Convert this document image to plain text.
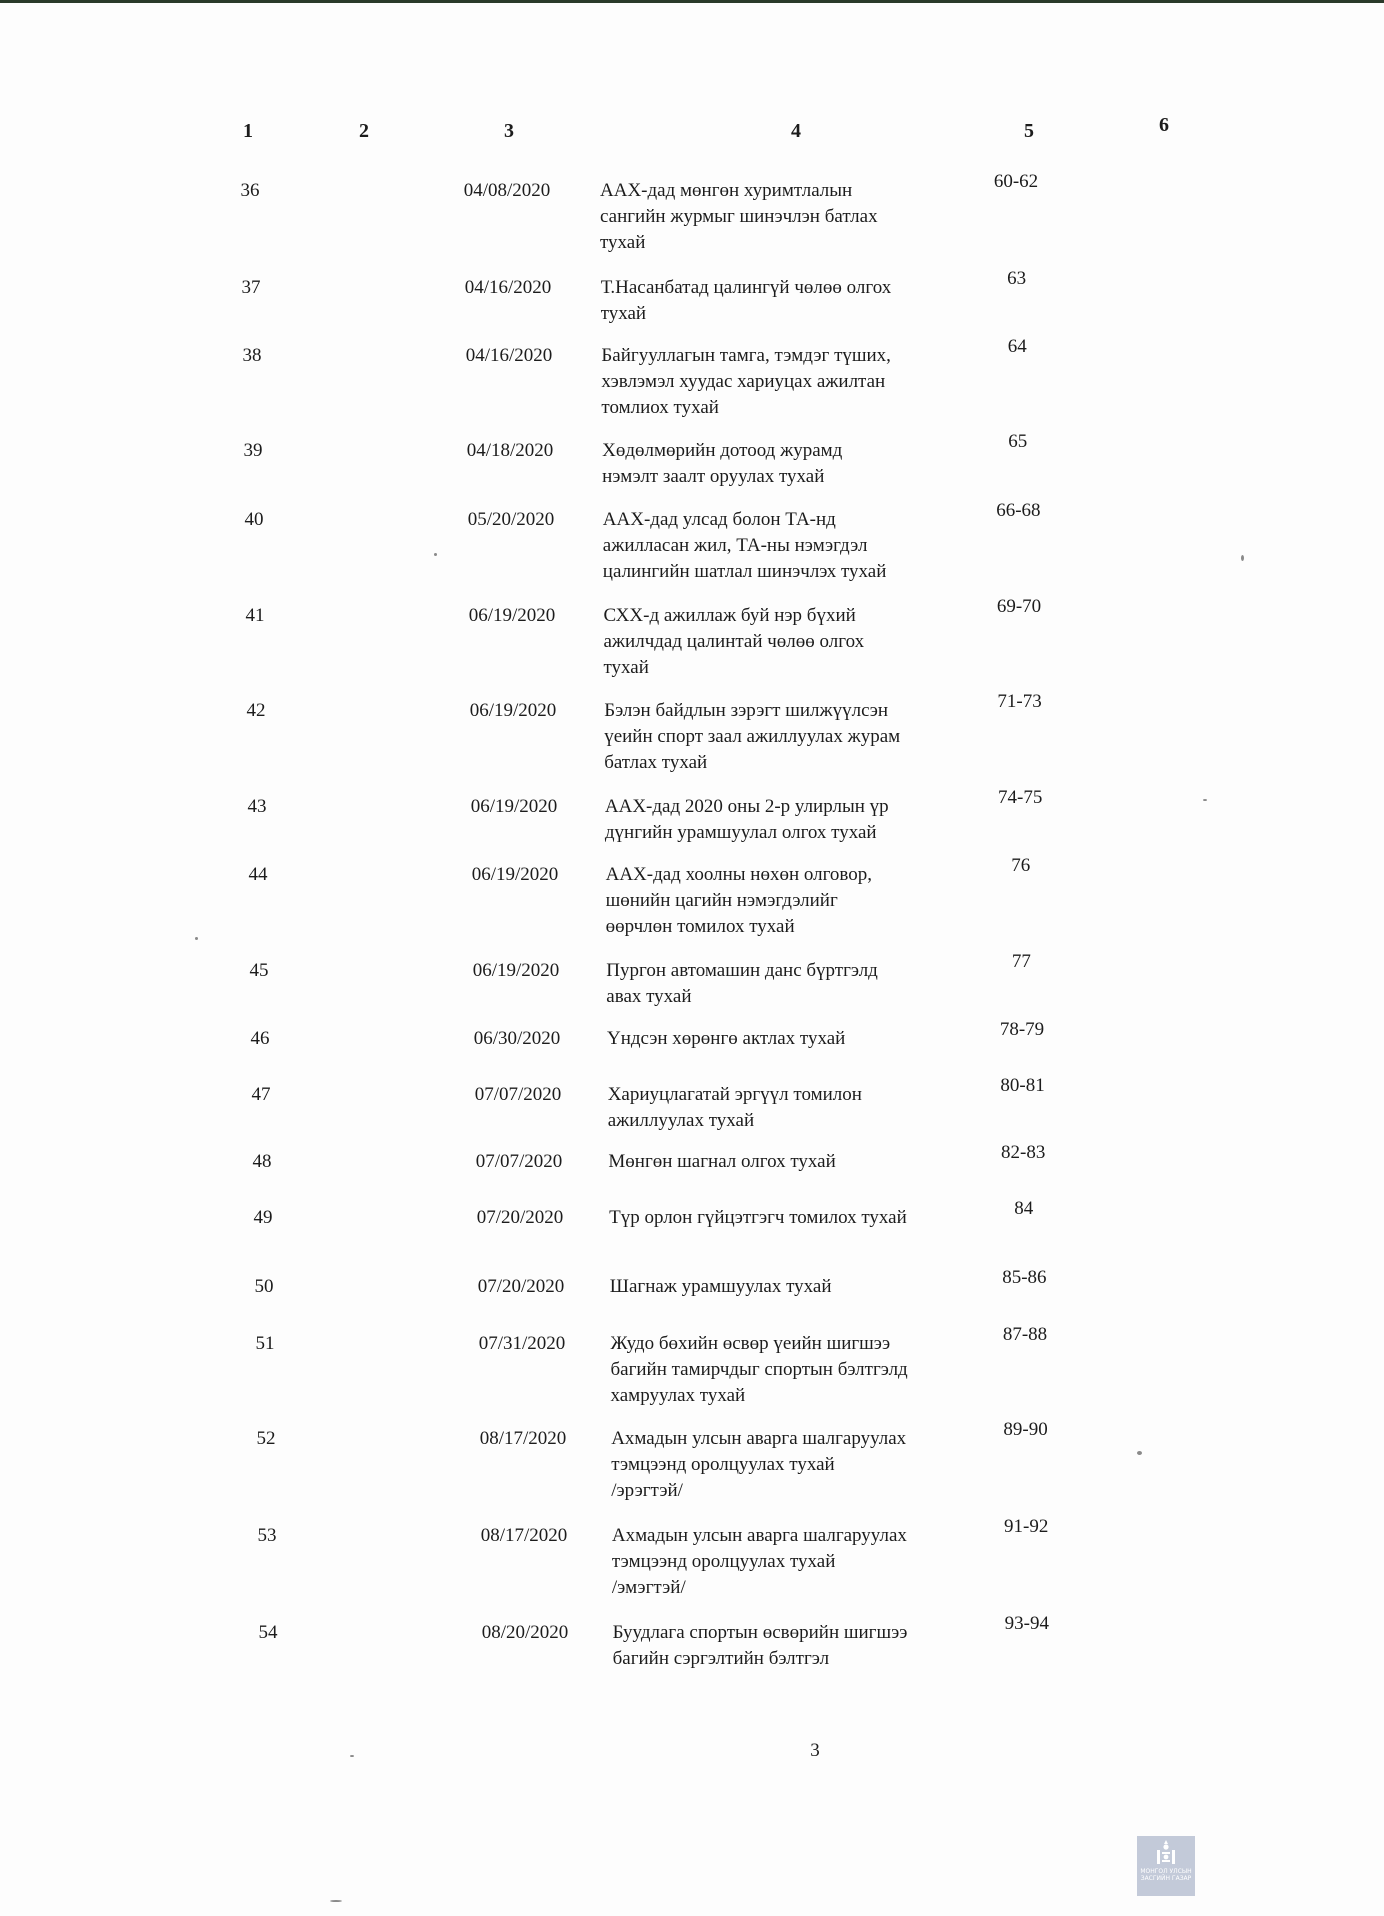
1	2	3	4	5	6
36	04/08/2020	ААХ-дад мөнгөн хуримтлалын
сангийн журмыг шинэчлэн батлах
тухай
60-62
37	04/16/2020	Т.Насанбатад цалингүй чөлөө олгох
тухай
63
38	04/16/2020	Байгууллагын тамга, тэмдэг түших,
хэвлэмэл хуудас хариуцах ажилтан
томлиох тухай
64
39	04/18/2020	Хөдөлмөрийн дотоод журамд
нэмэлт заалт оруулах тухай
65
40	05/20/2020	ААХ-дад улсад болон ТА-нд
ажилласан жил, ТА-ны нэмэгдэл
цалингийн шатлал шинэчлэх тухай
66-68
41	06/19/2020	СХХ-д ажиллаж буй нэр бүхий
ажилчдад цалинтай чөлөө олгох
тухай
69-70
42	06/19/2020	Бэлэн байдлын зэрэгт шилжүүлсэн
үеийн спорт заал ажиллуулах журам
батлах тухай
71-73
43	06/19/2020	ААХ-дад 2020 оны 2-р улирлын үр
дүнгийн урамшуулал олгох тухай
74-75
44	06/19/2020	ААХ-дад хоолны нөхөн олговор,
шөнийн цагийн нэмэгдэлийг
өөрчлөн томилох тухай
76
45	06/19/2020	Пургон автомашин данс бүртгэлд
авах тухай
77
46	06/30/2020	Үндсэн хөрөнгө актлах тухай	78-79
47	07/07/2020	Хариуцлагатай эргүүл томилон
ажиллуулах тухай
80-81
48	07/07/2020	Мөнгөн шагнал олгох тухай	82-83
49	07/20/2020	Түр орлон гүйцэтгэгч томилох тухай	84
50	07/20/2020	Шагнаж урамшуулах тухай	85-86
51	07/31/2020	Жудо бөхийн өсвөр үеийн шигшээ
багийн тамирчдыг спортын бэлтгэлд
хамруулах тухай
87-88
52	08/17/2020	Ахмадын улсын аварга шалгаруулах
тэмцээнд оролцуулах тухай
/эрэгтэй/
89-90
53	08/17/2020	Ахмадын улсын аварга шалгаруулах
тэмцээнд оролцуулах тухай
/эмэгтэй/
91-92
54	08/20/2020	Буудлага спортын өсвөрийн шигшээ
багийн сэргэлтийн бэлтгэл
93-94
3
МОНГОЛ УЛСЫН ЗАСГИЙН ГАЗАР
